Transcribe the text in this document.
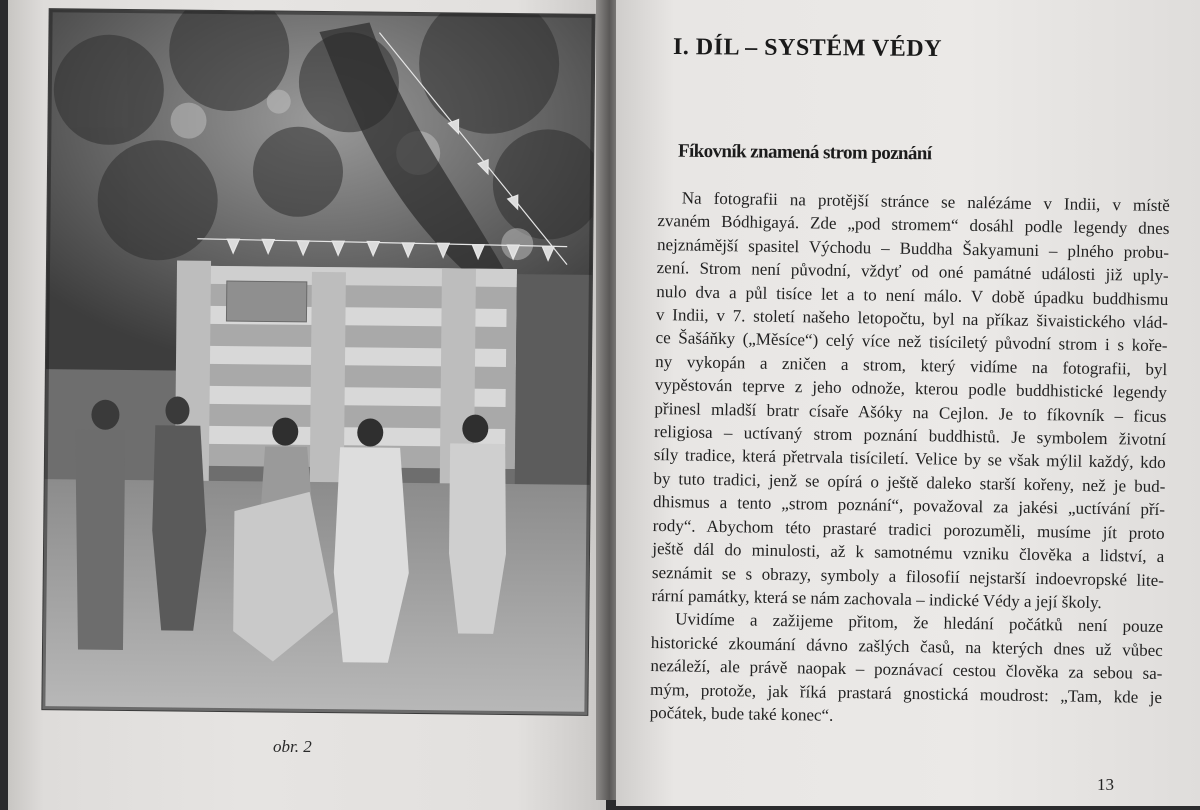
obr. 2
I. DÍL – SYSTÉM VÉDY
Fíkovník znamená strom poznání
Na fotografii na protější stránce se nalézáme v Indii, v místě
zvaném Bódhigayá. Zde „pod stromem“ dosáhl podle legendy dnes
nejznámější spasitel Východu – Buddha Šakyamuni – plného probu-
zení. Strom není původní, vždyť od oné památné události již uply-
nulo dva a půl tisíce let a to není málo. V době úpadku buddhismu
v Indii, v 7. století našeho letopočtu, byl na příkaz šivaistického vlád-
ce Šašáňky („Měsíce“) celý více než tisíciletý původní strom i s koře-
ny vykopán a zničen a strom, který vidíme na fotografii, byl
vypěstován teprve z jeho odnože, kterou podle buddhistické legendy
přinesl mladší bratr císaře Ašóky na Cejlon. Je to fíkovník – ficus
religiosa – uctívaný strom poznání buddhistů. Je symbolem životní
síly tradice, která přetrvala tisíciletí. Velice by se však mýlil každý, kdo
by tuto tradici, jenž se opírá o ještě daleko starší kořeny, než je bud-
dhismus a tento „strom poznání“, považoval za jakési „uctívání pří-
rody“. Abychom této prastaré tradici porozuměli, musíme jít proto
ještě dál do minulosti, až k samotnému vzniku člověka a lidství, a
seznámit se s obrazy, symboly a filosofií nejstarší indoevropské lite-
rární památky, která se nám zachovala – indické Védy a její školy.
Uvidíme a zažijeme přitom, že hledání počátků není pouze
historické zkoumání dávno zašlých časů, na kterých dnes už vůbec
nezáleží, ale právě naopak – poznávací cestou člověka za sebou sa-
mým, protože, jak říká prastará gnostická moudrost: „Tam, kde je
počátek, bude také konec“.
13
